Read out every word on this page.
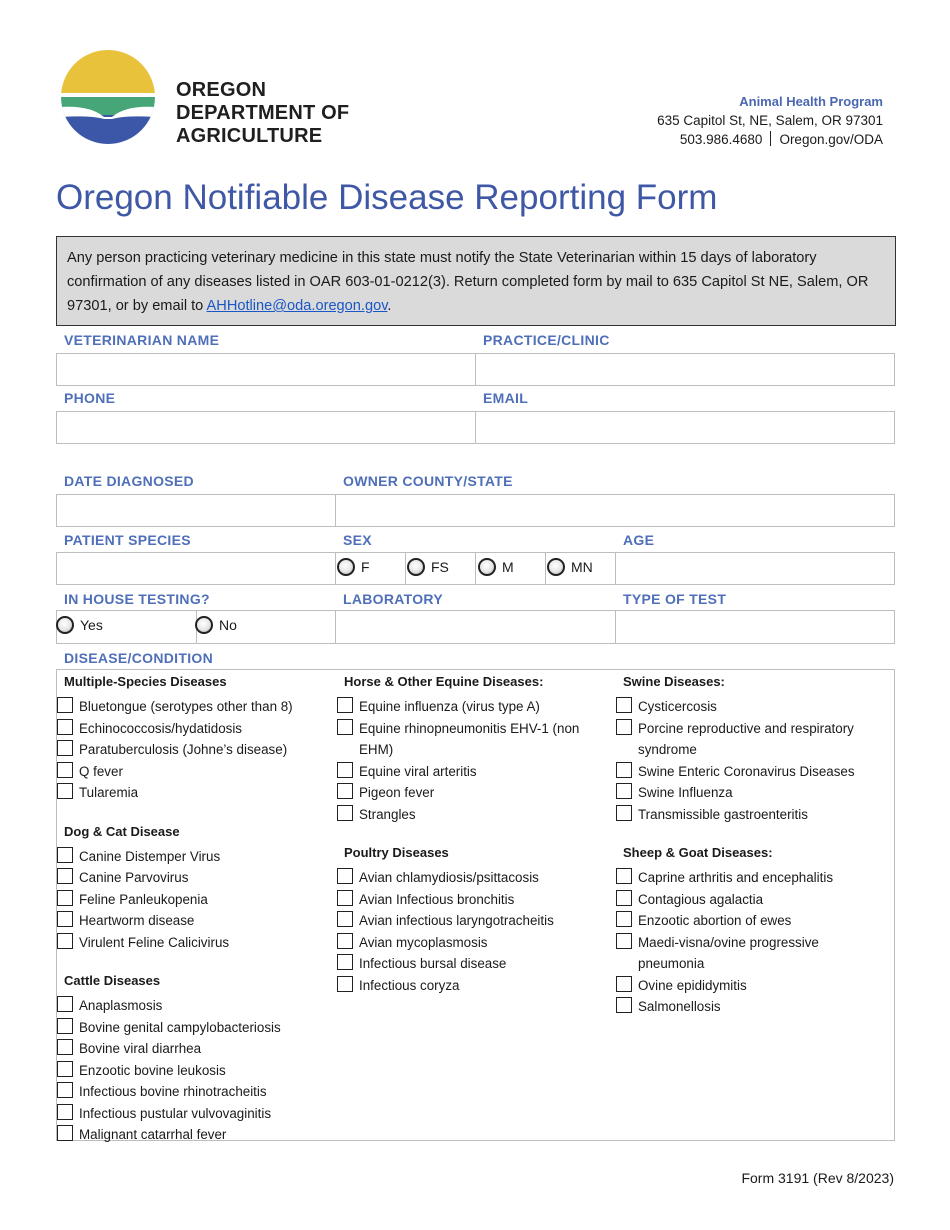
OREGON
DEPARTMENT OF
AGRICULTURE
Animal Health Program
635 Capitol St, NE, Salem, OR 97301
503.986.4680 Oregon.gov/ODA
Oregon Notifiable Disease Reporting Form
Any person practicing veterinary medicine in this state must notify the State Veterinarian within 15 days of laboratory confirmation of any diseases listed in OAR 603-01-0212(3). Return completed form by mail to 635 Capitol St NE, Salem, OR 97301, or by email to AHHotline@oda.oregon.gov.
VETERINARIAN NAME	PRACTICE/CLINIC
PHONE	EMAIL
DATE DIAGNOSED	OWNER COUNTY/STATE
PATIENT SPECIES	SEX	AGE
F	FS	M	MN
IN HOUSE TESTING?	LABORATORY	TYPE OF TEST
Yes	No
DISEASE/CONDITION
Multiple-Species Diseases
Bluetongue (serotypes other than 8)
Echinococcosis/hydatidosis
Paratuberculosis (Johne’s disease)
Q fever
Tularemia
Dog & Cat Disease
Canine Distemper Virus
Canine Parvovirus
Feline Panleukopenia
Heartworm disease
Virulent Feline Calicivirus
Cattle Diseases
Anaplasmosis
Bovine genital campylobacteriosis
Bovine viral diarrhea
Enzootic bovine leukosis
Infectious bovine rhinotracheitis
Infectious pustular vulvovaginitis
Malignant catarrhal fever
Horse & Other Equine Diseases:
Equine influenza (virus type A)
Equine rhinopneumonitis EHV-1 (non EHM)
Equine viral arteritis
Pigeon fever
Strangles
Poultry Diseases
Avian chlamydiosis/psittacosis
Avian Infectious bronchitis
Avian infectious laryngotracheitis
Avian mycoplasmosis
Infectious bursal disease
Infectious coryza
Swine Diseases:
Cysticercosis
Porcine reproductive and respiratory syndrome
Swine Enteric Coronavirus Diseases
Swine Influenza
Transmissible gastroenteritis
Sheep & Goat Diseases:
Caprine arthritis and encephalitis
Contagious agalactia
Enzootic abortion of ewes
Maedi-visna/ovine progressive pneumonia
Ovine epididymitis
Salmonellosis
Form 3191 (Rev 8/2023)
